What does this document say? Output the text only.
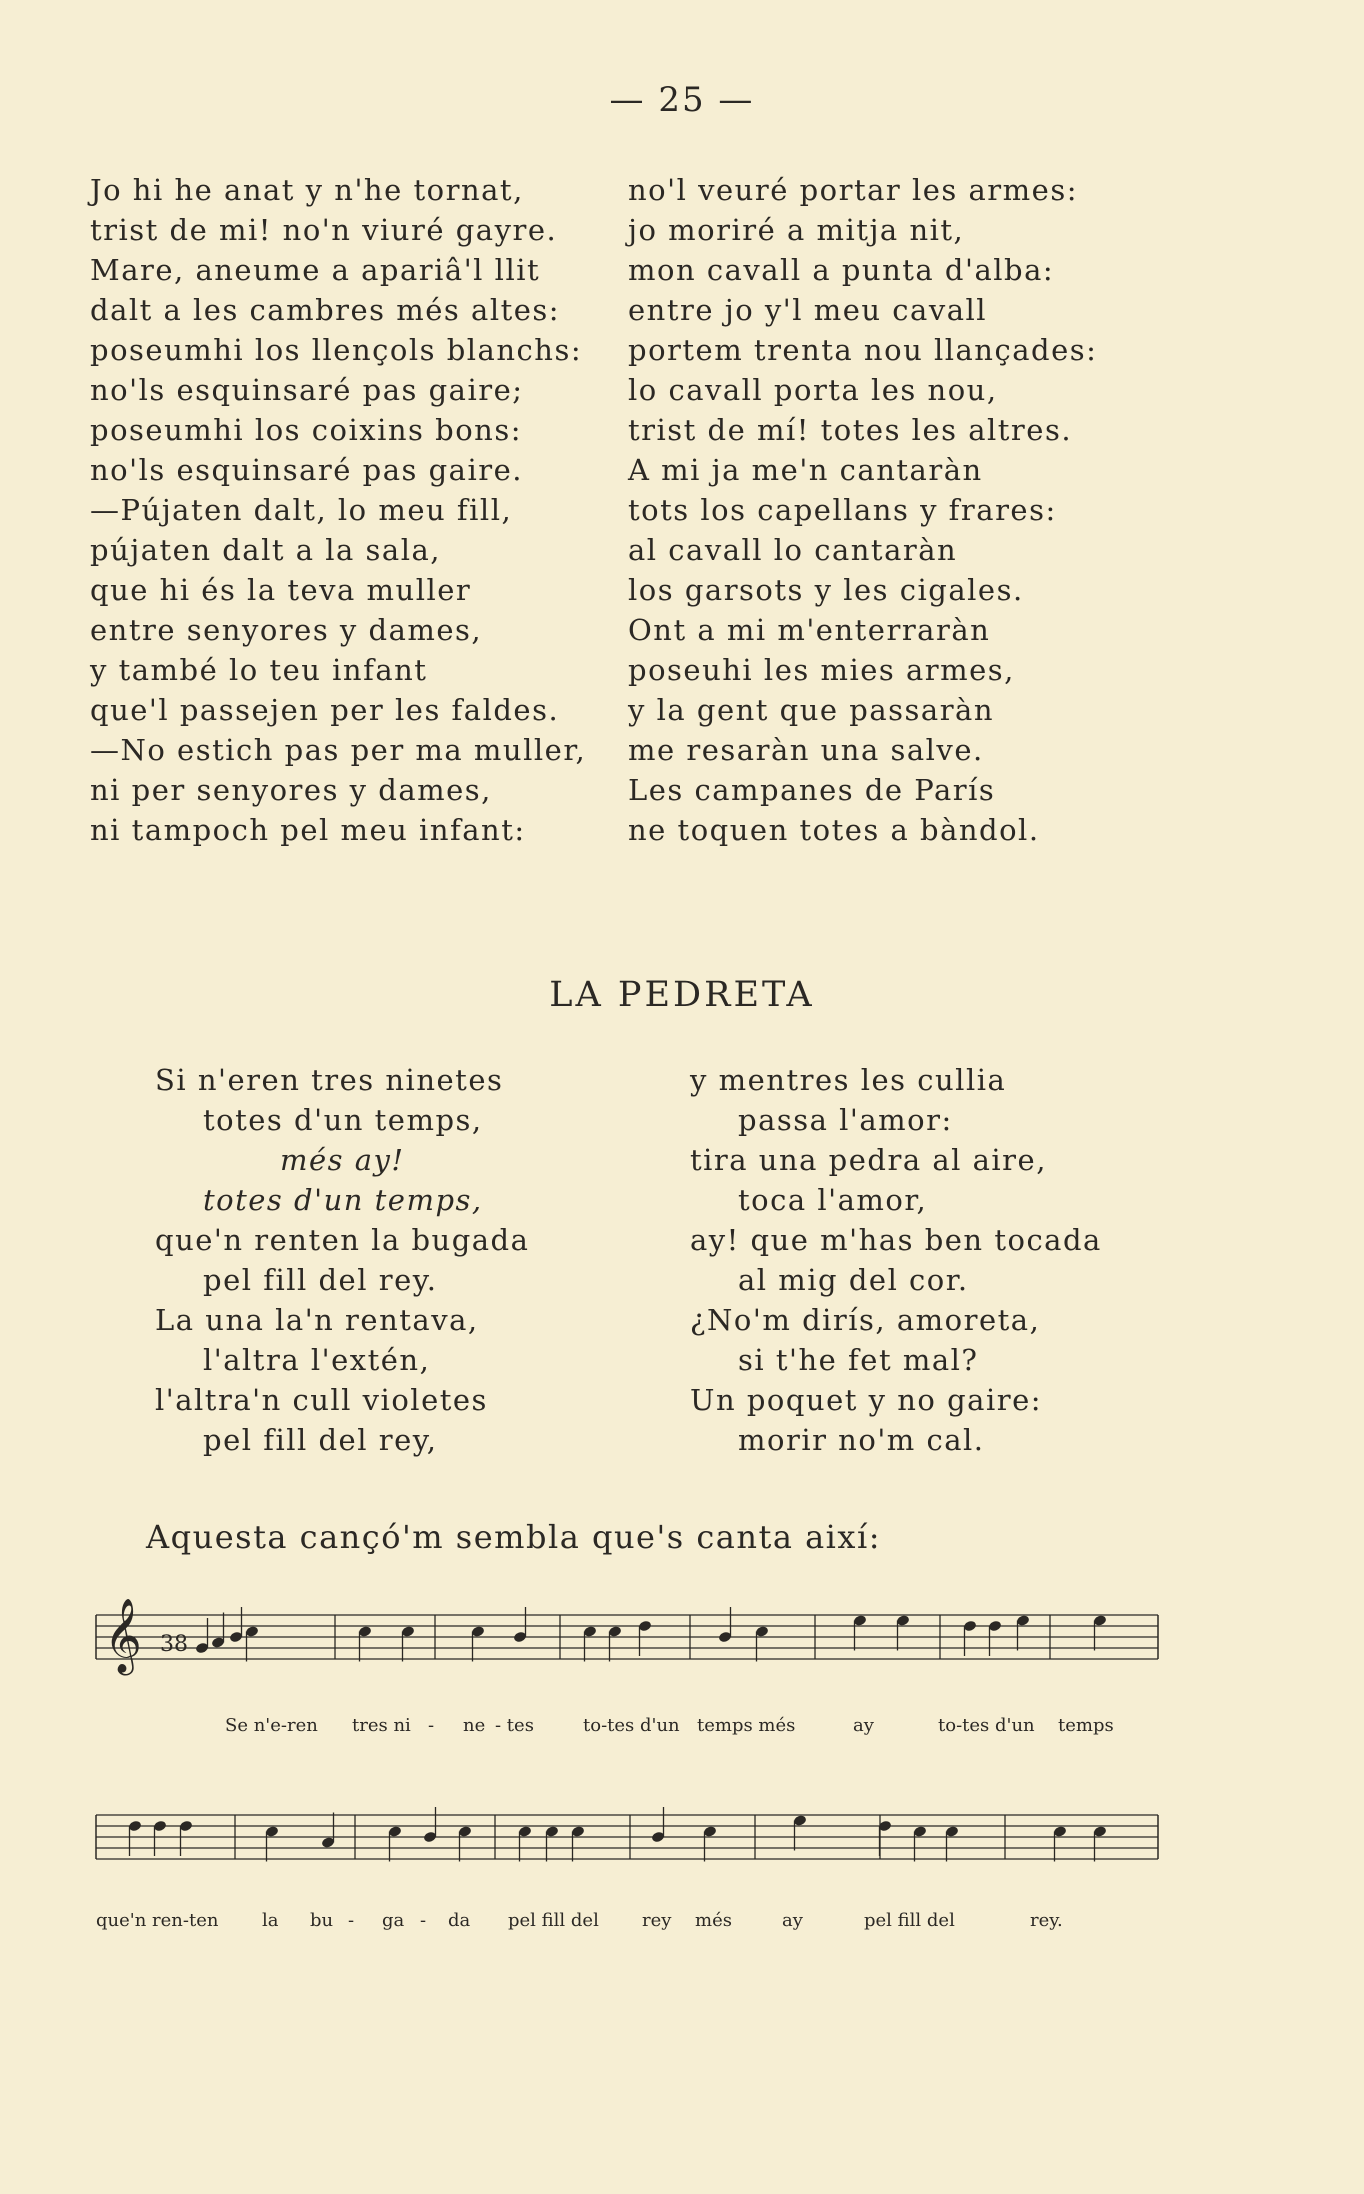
— 25 —
Jo hi he anat y n'he tornat,
trist de mi! no'n viuré gayre.
Mare, aneume a apariâ'l llit
dalt a les cambres més altes:
poseumhi los llençols blanchs:
no'ls esquinsaré pas gaire;
poseumhi los coixins bons:
no'ls esquinsaré pas gaire.
—Pújaten dalt, lo meu fill,
pújaten dalt a la sala,
que hi és la teva muller
entre senyores y dames,
y també lo teu infant
que'l passejen per les faldes.
—No estich pas per ma muller,
ni per senyores y dames,
ni tampoch pel meu infant:
no'l veuré portar les armes:
jo moriré a mitja nit,
mon cavall a punta d'alba:
entre jo y'l meu cavall
portem trenta nou llançades:
lo cavall porta les nou,
trist de mí! totes les altres.
A mi ja me'n cantaràn
tots los capellans y frares:
al cavall lo cantaràn
los garsots y les cigales.
Ont a mi m'enterraràn
poseuhi les mies armes,
y la gent que passaràn
me resaràn una salve.
Les campanes de París
ne toquen totes a bàndol.
LA PEDRETA
Si n'eren tres ninetes
totes d'un temps,
més ay!
totes d'un temps,
que'n renten la bugada
pel fill del rey.
La una la'n rentava,
l'altra l'extén,
l'altra'n cull violetes
pel fill del rey,
y mentres les cullia
passa l'amor:
tira una pedra al aire,
toca l'amor,
ay! que m'has ben tocada
al mig del cor.
¿No'm dirís, amoreta,
si t'he fet mal?
Un poquet y no gaire:
morir no'm cal.
Aquesta cançó'm sembla que's canta així:
𝄞 38
Se n'e-ren tres ni - ne - tes	to-tes d'un temps més	ay	to-tes d'un temps
que'n ren-ten la bu - ga - da pel fill del rey més	ay	pel fill del	rey.
